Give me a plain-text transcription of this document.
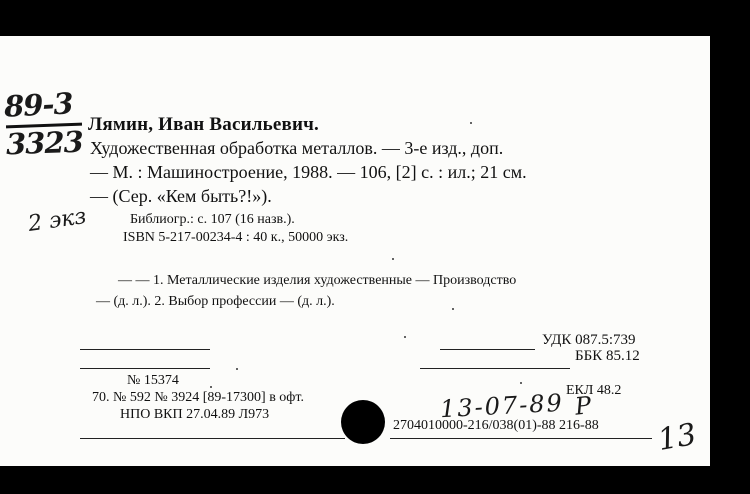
89-3
3323
Лямин, Иван Васильевич.
Художественная обработка металлов. — 3-е изд., доп.
— М. : Машиностроение, 1988. — 106, [2] с. : ил.; 21 см.
— (Сер. «Кем быть?!»).
2 экз	Библиогр.: с. 107 (16 назв.).
ISBN 5-217-00234-4 : 40 к., 50000 экз.
— — 1. Металлические изделия художественные — Производство
— (д. л.). 2. Выбор профессии — (д. л.).
УДК 087.5:739
ББК 85.12
№ 15374
70. № 592 № 3924 [89-17300] в офт.
НПО ВКП 27.04.89 Л973
ЕКЛ 48.2
13-07-89 Р
2704010000-216/038(01)-88 216-88 13
